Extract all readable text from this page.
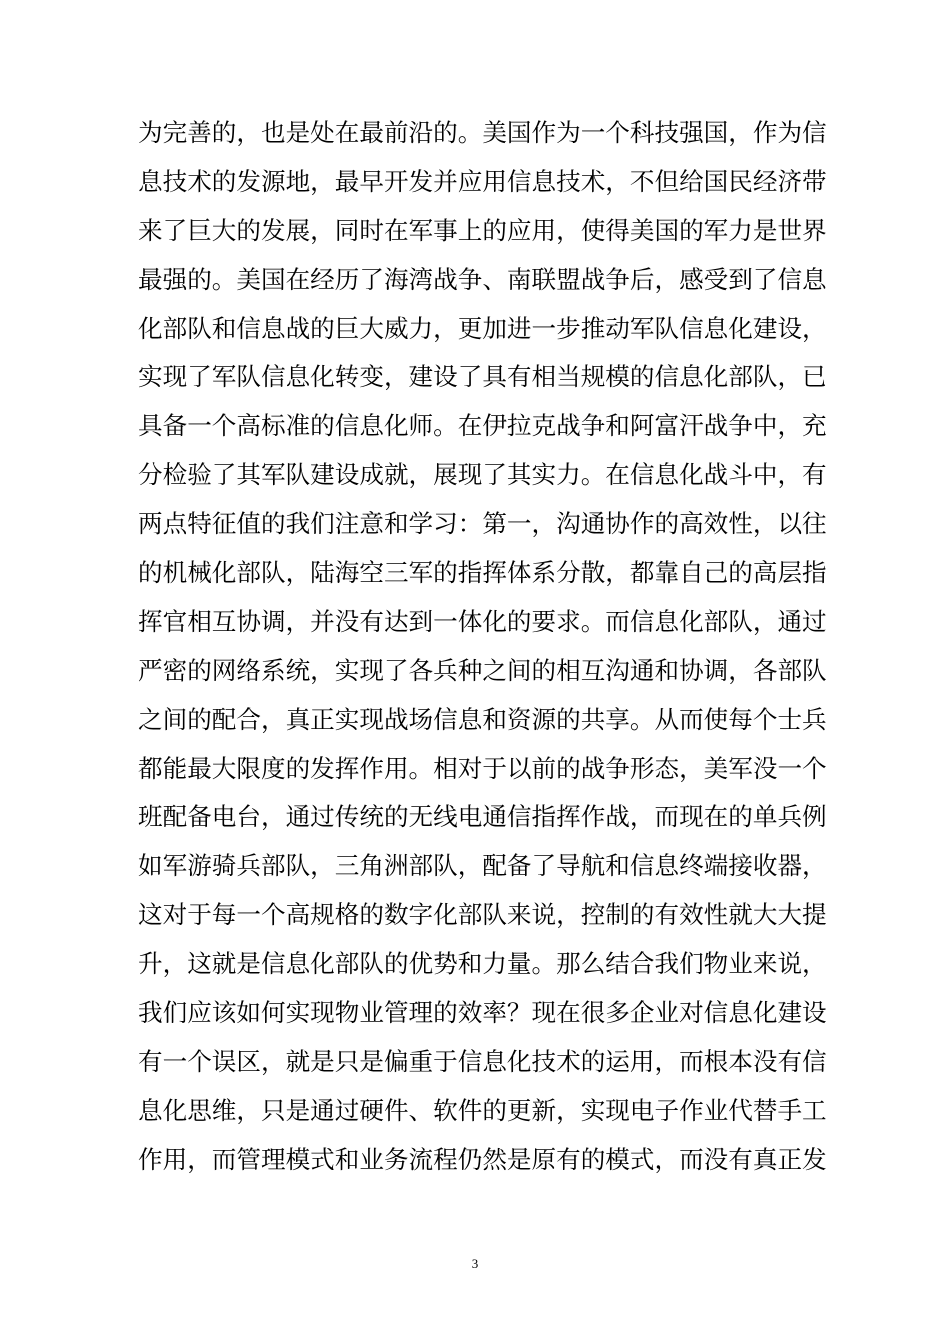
为完善的，也是处在最前沿的。美国作为一个科技强国，作为信
息技术的发源地，最早开发并应用信息技术，不但给国民经济带
来了巨大的发展，同时在军事上的应用，使得美国的军力是世界
最强的。美国在经历了海湾战争、南联盟战争后，感受到了信息
化部队和信息战的巨大威力，更加进一步推动军队信息化建设，
实现了军队信息化转变，建设了具有相当规模的信息化部队，已
具备一个高标准的信息化师。在伊拉克战争和阿富汗战争中，充
分检验了其军队建设成就，展现了其实力。在信息化战斗中，有
两点特征值的我们注意和学习：第一，沟通协作的高效性，以往
的机械化部队，陆海空三军的指挥体系分散，都靠自己的高层指
挥官相互协调，并没有达到一体化的要求。而信息化部队，通过
严密的网络系统，实现了各兵种之间的相互沟通和协调，各部队
之间的配合，真正实现战场信息和资源的共享。从而使每个士兵
都能最大限度的发挥作用。相对于以前的战争形态，美军没一个
班配备电台，通过传统的无线电通信指挥作战，而现在的单兵例
如军游骑兵部队，三角洲部队，配备了导航和信息终端接收器，
这对于每一个高规格的数字化部队来说，控制的有效性就大大提
升，这就是信息化部队的优势和力量。那么结合我们物业来说，
我们应该如何实现物业管理的效率？现在很多企业对信息化建设
有一个误区，就是只是偏重于信息化技术的运用，而根本没有信
息化思维，只是通过硬件、软件的更新，实现电子作业代替手工
作用，而管理模式和业务流程仍然是原有的模式，而没有真正发
3
